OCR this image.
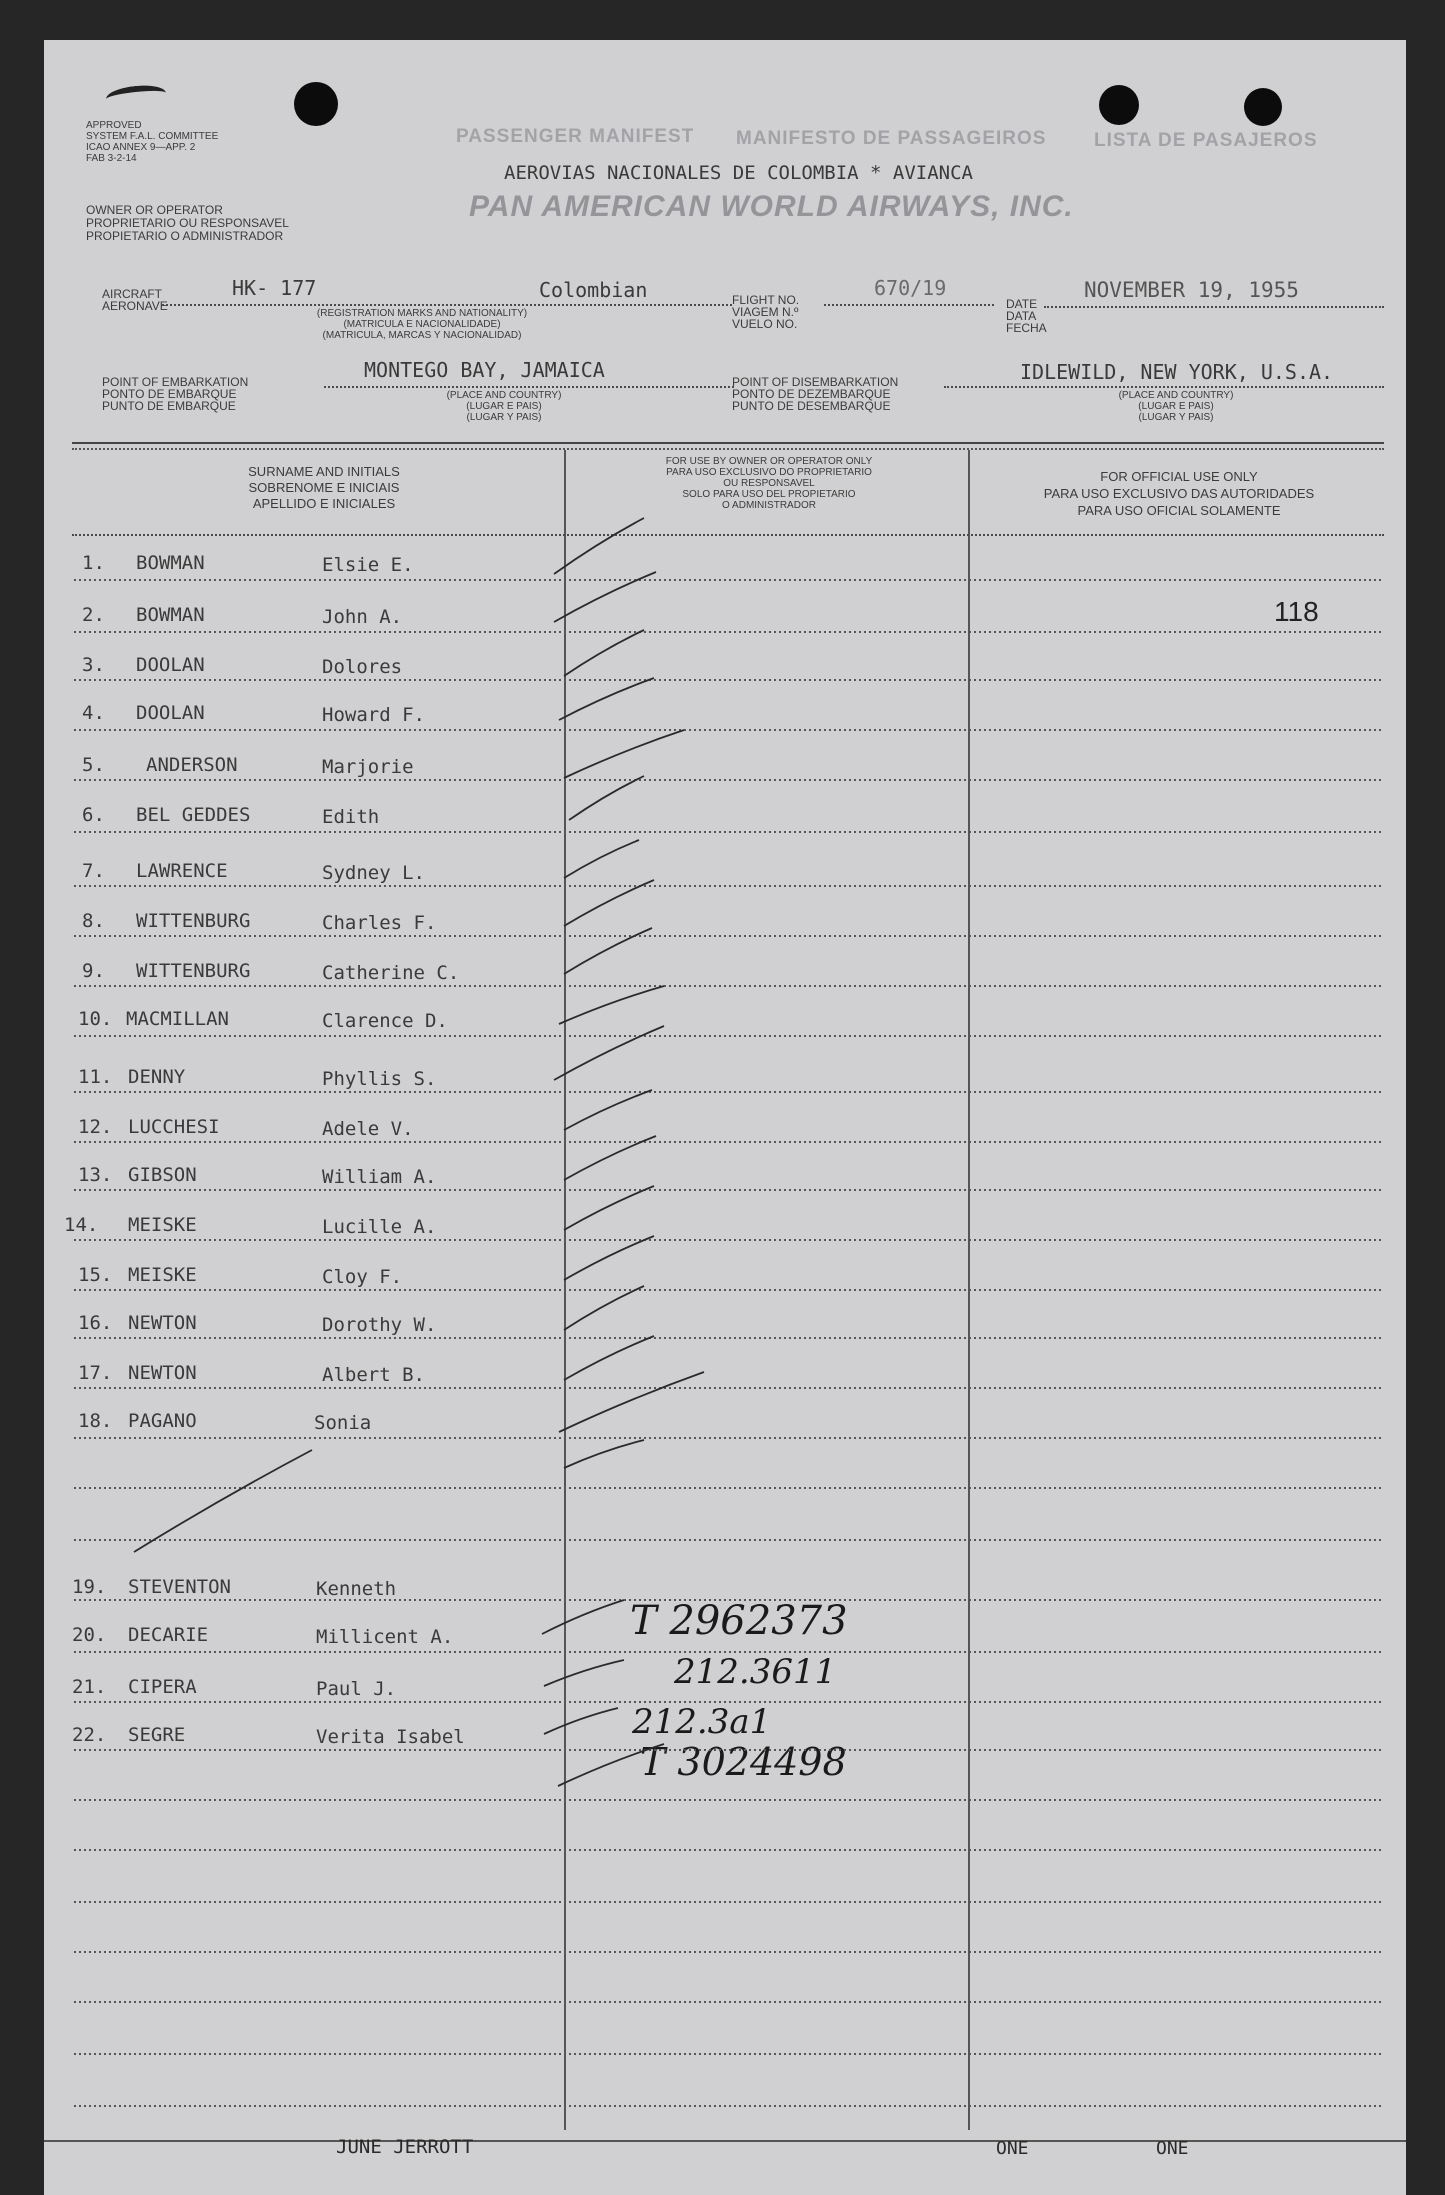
APPROVED
SYSTEM F.A.L. COMMITTEE
ICAO ANNEX 9—APP. 2
FAB 3-2-14
OWNER OR OPERATOR
PROPRIETARIO OU RESPONSAVEL
PROPIETARIO O ADMINISTRADOR
PASSENGER MANIFEST MANIFESTO DE PASSAGEIROS	LISTA DE PASAJEROS
AEROVIAS NACIONALES DE COLOMBIA * AVIANCA
PAN AMERICAN WORLD AIRWAYS, INC.
AIRCRAFT
AERONAVE
HK- 177	Colombian
(REGISTRATION MARKS AND NATIONALITY)
(MATRICULA E NACIONALIDADE)
(MATRICULA, MARCAS Y NACIONALIDAD)
FLIGHT NO.
VIAGEM N.º
VUELO NO.
670/19
DATE
DATA
FECHA
NOVEMBER 19, 1955
POINT OF EMBARKATION
PONTO DE EMBARQUE
PUNTO DE EMBARQUE
MONTEGO BAY, JAMAICA
(PLACE AND COUNTRY)
(LUGAR E PAIS)
(LUGAR Y PAIS)
POINT OF DISEMBARKATION
PONTO DE DEZEMBARQUE
PUNTO DE DESEMBARQUE
IDLEWILD, NEW YORK, U.S.A.
(PLACE AND COUNTRY)
(LUGAR E PAIS)
(LUGAR Y PAIS)
SURNAME AND INITIALS
SOBRENOME E INICIAIS
APELLIDO E INICIALES
FOR USE BY OWNER OR OPERATOR ONLY
PARA USO EXCLUSIVO DO PROPRIETARIO
OU RESPONSAVEL
SOLO PARA USO DEL PROPIETARIO
O ADMINISTRADOR
FOR OFFICIAL USE ONLY
PARA USO EXCLUSIVO DAS AUTORIDADES
PARA USO OFICIAL SOLAMENTE
118
1. BOWMAN	Elsie E.
2. BOWMAN	John A.
3. DOOLAN	Dolores
4. DOOLAN	Howard F.
5. ANDERSON	Marjorie
6. BEL GEDDES	Edith
7. LAWRENCE	Sydney L.
8. WITTENBURG	Charles F.
9. WITTENBURG	Catherine C.
10. MACMILLAN	Clarence D.
11. DENNY	Phyllis S.
12. LUCCHESI	Adele V.
13. GIBSON	William A.
14. MEISKE	Lucille A.
15. MEISKE	Cloy F.
16. NEWTON	Dorothy W.
17. NEWTON	Albert B.
18. PAGANO	Sonia
19. STEVENTON	Kenneth
20. DECARIE	Millicent A.
21. CIPERA	Paul J.
22. SEGRE	Verita Isabel
T 2962373
212.3611
212.3a1
T 3024498
JUNE JERROTT	ONE	ONE
